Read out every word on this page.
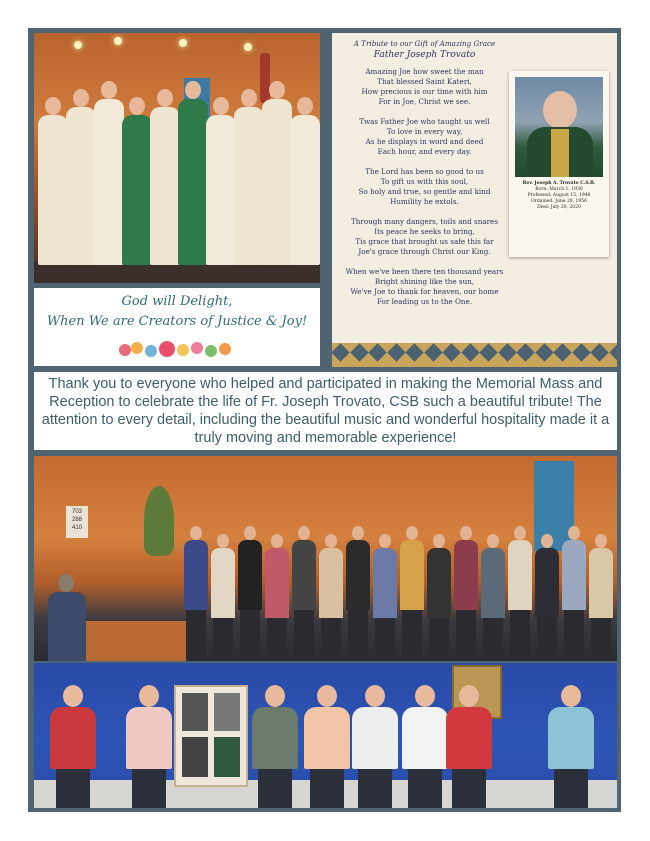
God will Delight,
When We are Creators of Justice & Joy!
A Tribute to our Gift of Amazing Grace
Father Joseph Trovato
Amazing Joe how sweet the man
That blessed Saint Kateri,
How precious is our time with him
For in Joe, Christ we see.
Twas Father Joe who taught us well
To love in every way,
As he displays in word and deed
Each hour, and every day.
The Lord has been so good to us
To gift us with this soul,
So holy and true, so gentle and kind
Humility he extols.
Through many dangers, toils and snares
Its peace he seeks to bring,
Tis grace that brought us safe this far
Joe's grace through Christ our King.
When we've been there ten thousand years
Bright shining like the sun,
We've Joe to thank for heaven, our home
For leading us to the One.
Rev. Joseph A. Trovato C.S.B.
Born: March 1, 1930
Professed: August 15, 1948
Ordained: June 29, 1956
Died: July 20, 2020
Thank you to everyone who helped and participated in making the Memorial Mass and Reception to celebrate the life of Fr. Joseph Trovato, CSB such a beautiful tribute! The attention to every detail, including the beautiful music and wonderful hospitality made it a truly moving and memorable experience!
703
288
410
